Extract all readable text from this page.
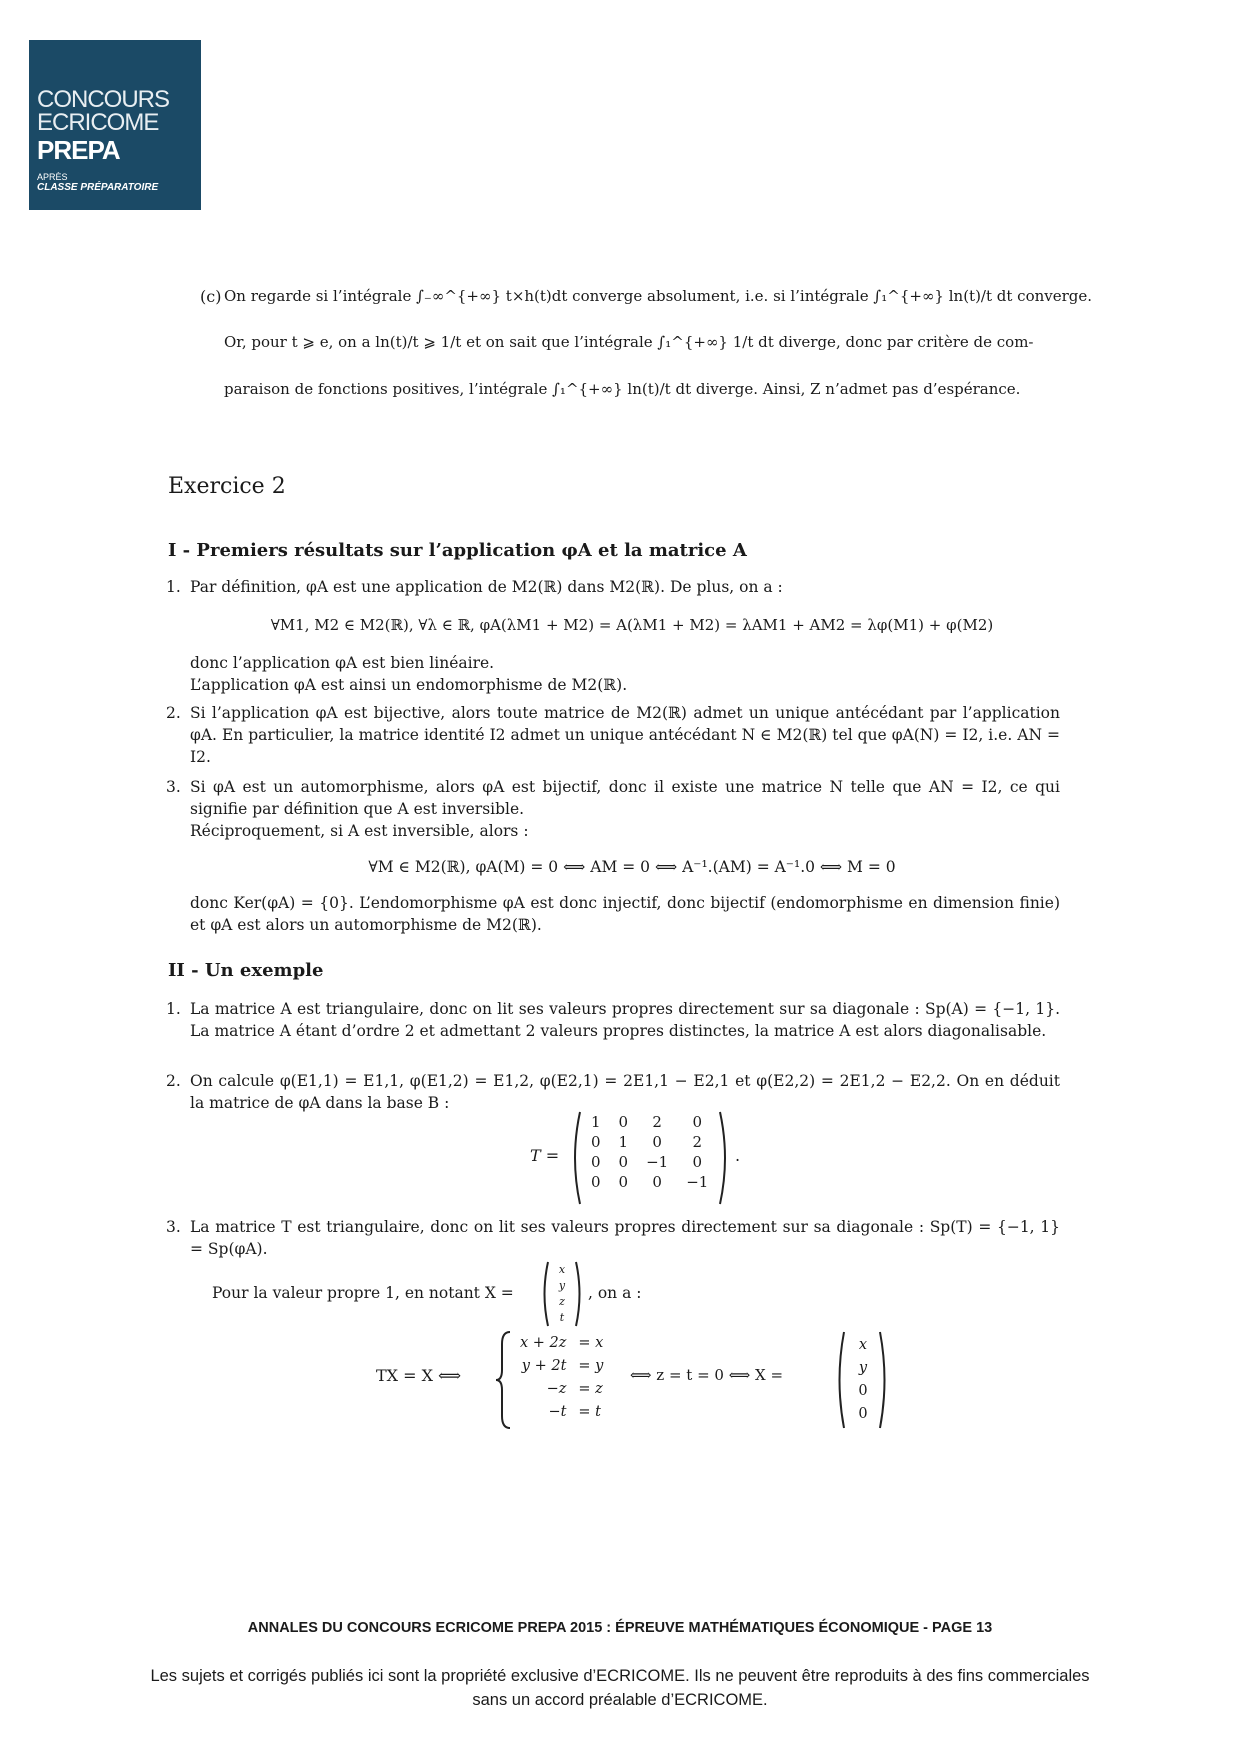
CONCOURS
ECRICOME
PREPA
APRÈS
CLASSE PRÉPARATOIRE
(c) On regarde si l’intégrale ∫₋∞^{+∞} t×h(t)dt converge absolument, i.e. si l’intégrale ∫₁^{+∞} ln(t)/t dt converge.
Or, pour t ⩾ e, on a ln(t)/t ⩾ 1/t et on sait que l’intégrale ∫₁^{+∞} 1/t dt diverge, donc par critère de com-
paraison de fonctions positives, l’intégrale ∫₁^{+∞} ln(t)/t dt diverge. Ainsi, Z n’admet pas d’espérance.
Exercice 2
I - Premiers résultats sur l’application φA et la matrice A
1. Par définition, φA est une application de M2(ℝ) dans M2(ℝ). De plus, on a :
∀M1, M2 ∈ M2(ℝ), ∀λ ∈ ℝ, φA(λM1 + M2) = A(λM1 + M2) = λAM1 + AM2 = λφ(M1) + φ(M2)
donc l’application φA est bien linéaire.
L’application φA est ainsi un endomorphisme de M2(ℝ).
2. Si l’application φA est bijective, alors toute matrice de M2(ℝ) admet un unique antécédant par l’application φA. En particulier, la matrice identité I2 admet un unique antécédant N ∈ M2(ℝ) tel que φA(N) = I2, i.e. AN = I2.
3. Si φA est un automorphisme, alors φA est bijectif, donc il existe une matrice N telle que AN = I2, ce qui signifie par définition que A est inversible.
Réciproquement, si A est inversible, alors :
∀M ∈ M2(ℝ), φA(M) = 0 ⟺ AM = 0 ⟺ A⁻¹.(AM) = A⁻¹.0 ⟺ M = 0
donc Ker(φA) = {0}. L’endomorphisme φA est donc injectif, donc bijectif (endomorphisme en dimension finie) et φA est alors un automorphisme de M2(ℝ).
II - Un exemple
1. La matrice A est triangulaire, donc on lit ses valeurs propres directement sur sa diagonale : Sp(A) = {−1, 1}. La matrice A étant d’ordre 2 et admettant 2 valeurs propres distinctes, la matrice A est alors diagonalisable.
2. On calcule φ(E1,1) = E1,1, φ(E1,2) = E1,2, φ(E2,1) = 2E1,1 − E2,1 et φ(E2,2) = 2E1,2 − E2,2. On en déduit la matrice de φA dans la base B :
T =
1	0	2	0
0	1	0	2
0	0	−1	0
0	0	0	−1
.
3. La matrice T est triangulaire, donc on lit ses valeurs propres directement sur sa diagonale : Sp(T) = {−1, 1} = Sp(φA).
Pour la valeur propre 1, en notant X =
x
y
z
t
, on a :
TX = X ⟺
x + 2z	= x
y + 2t	= y
−z	= z
−t	= t
⟺ z = t = 0 ⟺ X =
x
y
0
0
ANNALES DU CONCOURS ECRICOME PREPA 2015 : ÉPREUVE MATHÉMATIQUES ÉCONOMIQUE - PAGE 13
Les sujets et corrigés publiés ici sont la propriété exclusive d’ECRICOME. Ils ne peuvent être reproduits à des fins commerciales sans un accord préalable d’ECRICOME.
